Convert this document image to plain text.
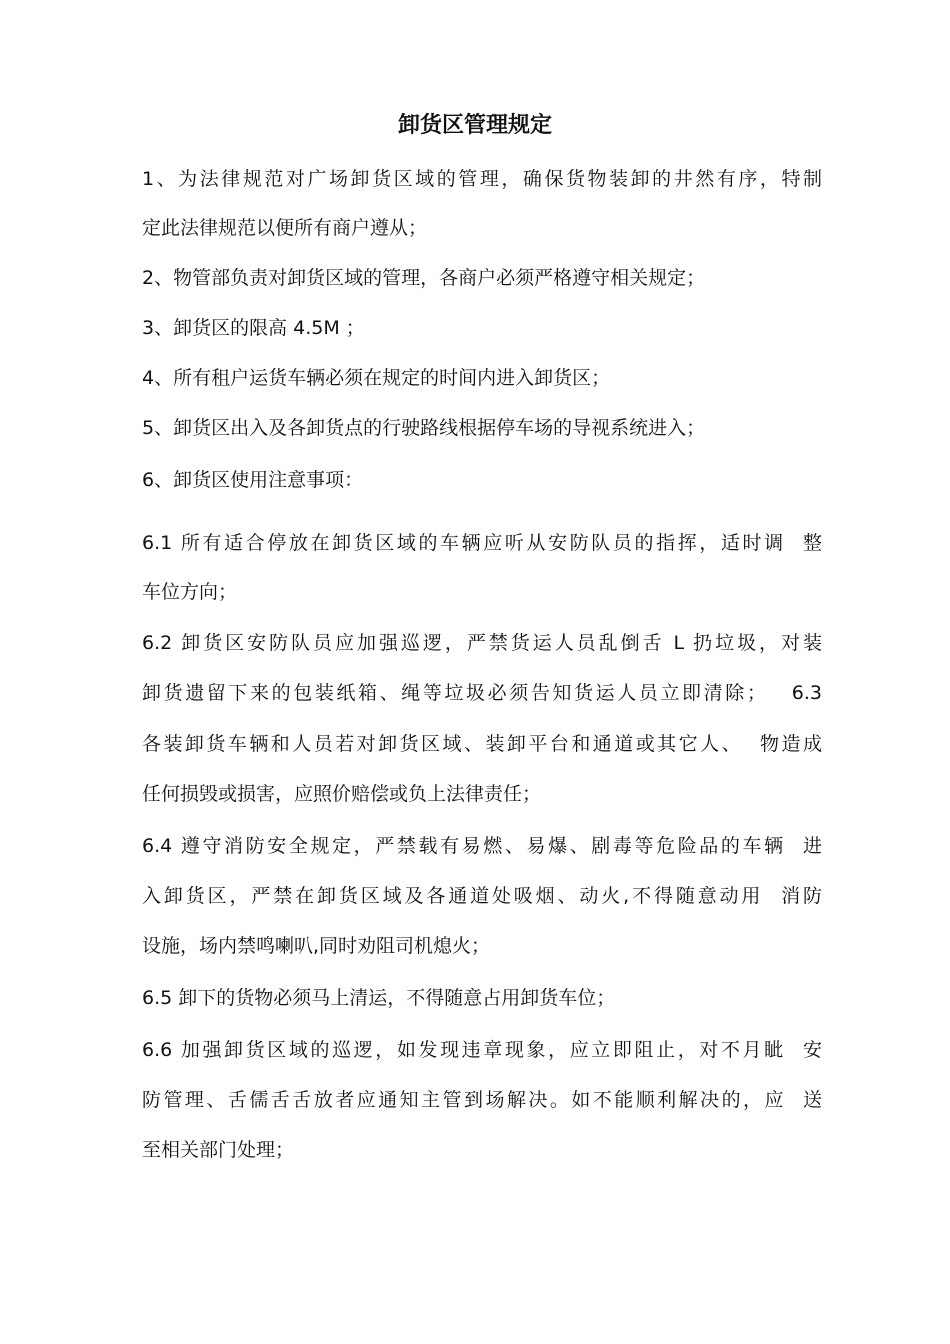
卸货区管理规定

1、为法律规范对广场卸货区域的管理，确保货物装卸的井然有序，特制

定此法律规范以便所有商户遵从；

2、物管部负责对卸货区域的管理，各商户必须严格遵守相关规定；

3、卸货区的限高 4.5M ；

4、所有租户运货车辆必须在规定的时间内进入卸货区；

5、卸货区出入及各卸货点的行驶路线根据停车场的导视系统进入；

6、卸货区使用注意事项：

6.1 所有适合停放在卸货区域的车辆应听从安防队员的指挥，适时调  整

车位方向；

6.2 卸货区安防队员应加强巡逻，严禁货运人员乱倒舌 L 扔垃圾，对装

卸货遗留下来的包装纸箱、绳等垃圾必须告知货运人员立即清除；   6.3

各装卸货车辆和人员若对卸货区域、装卸平台和通道或其它人、  物造成

任何损毁或损害，应照价赔偿或负上法律责任；

6.4 遵守消防安全规定，严禁载有易燃、易爆、剧毒等危险品的车辆  进

入卸货区，严禁在卸货区域及各通道处吸烟、动火,不得随意动用  消防

设施，场内禁鸣喇叭,同时劝阻司机熄火；

6.5 卸下的货物必须马上清运，不得随意占用卸货车位；

6.6 加强卸货区域的巡逻，如发现违章现象，应立即阻止，对不月眦  安

防管理、舌儒舌舌放者应通知主管到场解决。如不能顺利解决的，应  送

至相关部门处理；
